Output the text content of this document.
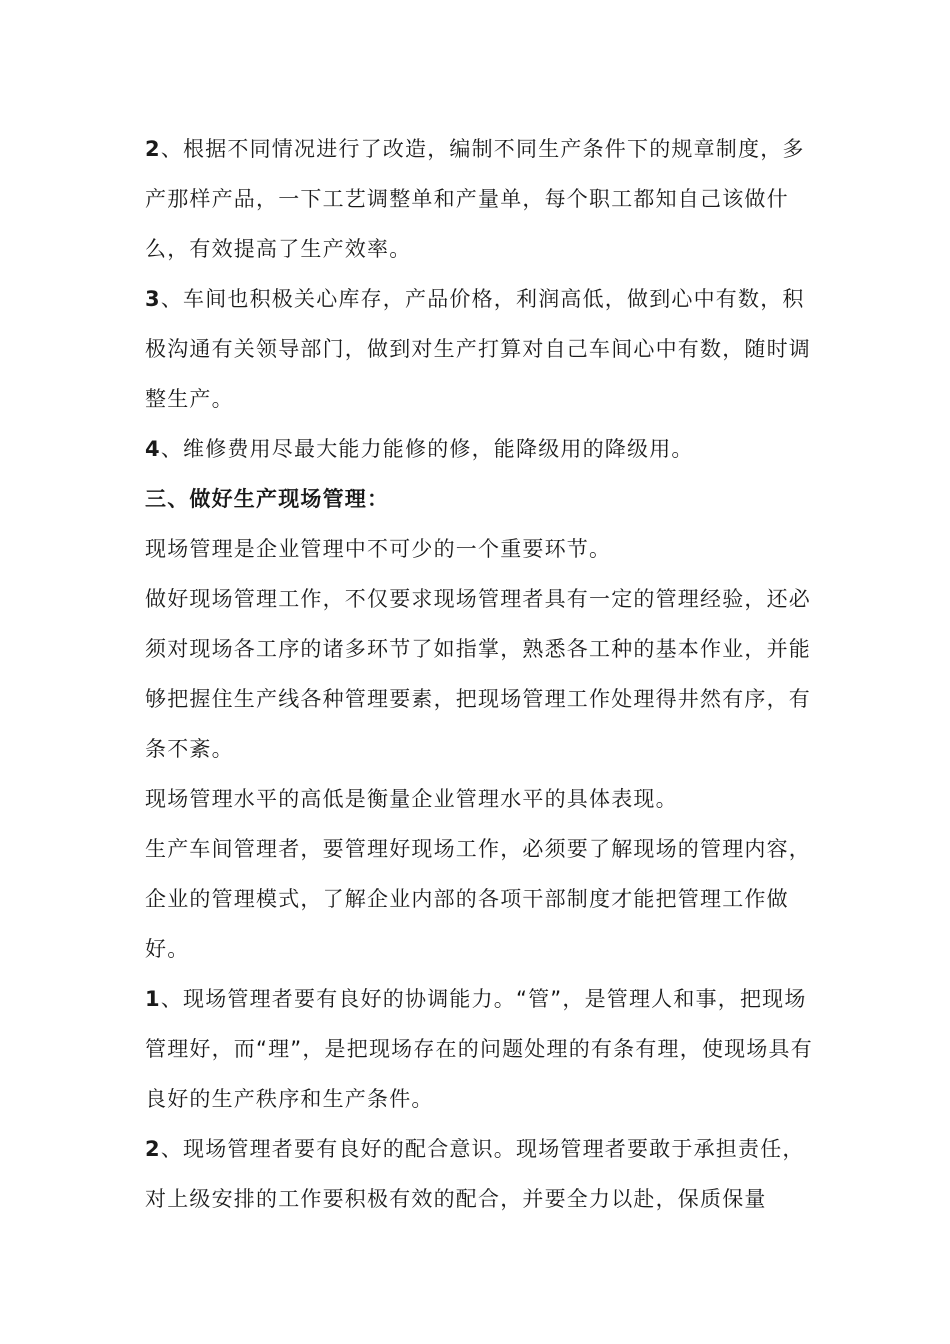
2、根据不同情况进行了改造，编制不同生产条件下的规章制度，多产那样产品，一下工艺调整单和产量单，每个职工都知自己该做什么，有效提高了生产效率。

3、车间也积极关心库存，产品价格，利润高低，做到心中有数，积极沟通有关领导部门，做到对生产打算对自己车间心中有数，随时调整生产。

4、维修费用尽最大能力能修的修，能降级用的降级用。

三、做好生产现场管理：

现场管理是企业管理中不可少的一个重要环节。

做好现场管理工作，不仅要求现场管理者具有一定的管理经验，还必须对现场各工序的诸多环节了如指掌，熟悉各工种的基本作业，并能够把握住生产线各种管理要素，把现场管理工作处理得井然有序，有条不紊。

现场管理水平的高低是衡量企业管理水平的具体表现。

生产车间管理者，要管理好现场工作，必须要了解现场的管理内容，企业的管理模式，了解企业内部的各项干部制度才能把管理工作做好。

1、现场管理者要有良好的协调能力。“管”，是管理人和事，把现场管理好，而“理”，是把现场存在的问题处理的有条有理，使现场具有良好的生产秩序和生产条件。

2、现场管理者要有良好的配合意识。现场管理者要敢于承担责任，对上级安排的工作要积极有效的配合，并要全力以赴，保质保量
